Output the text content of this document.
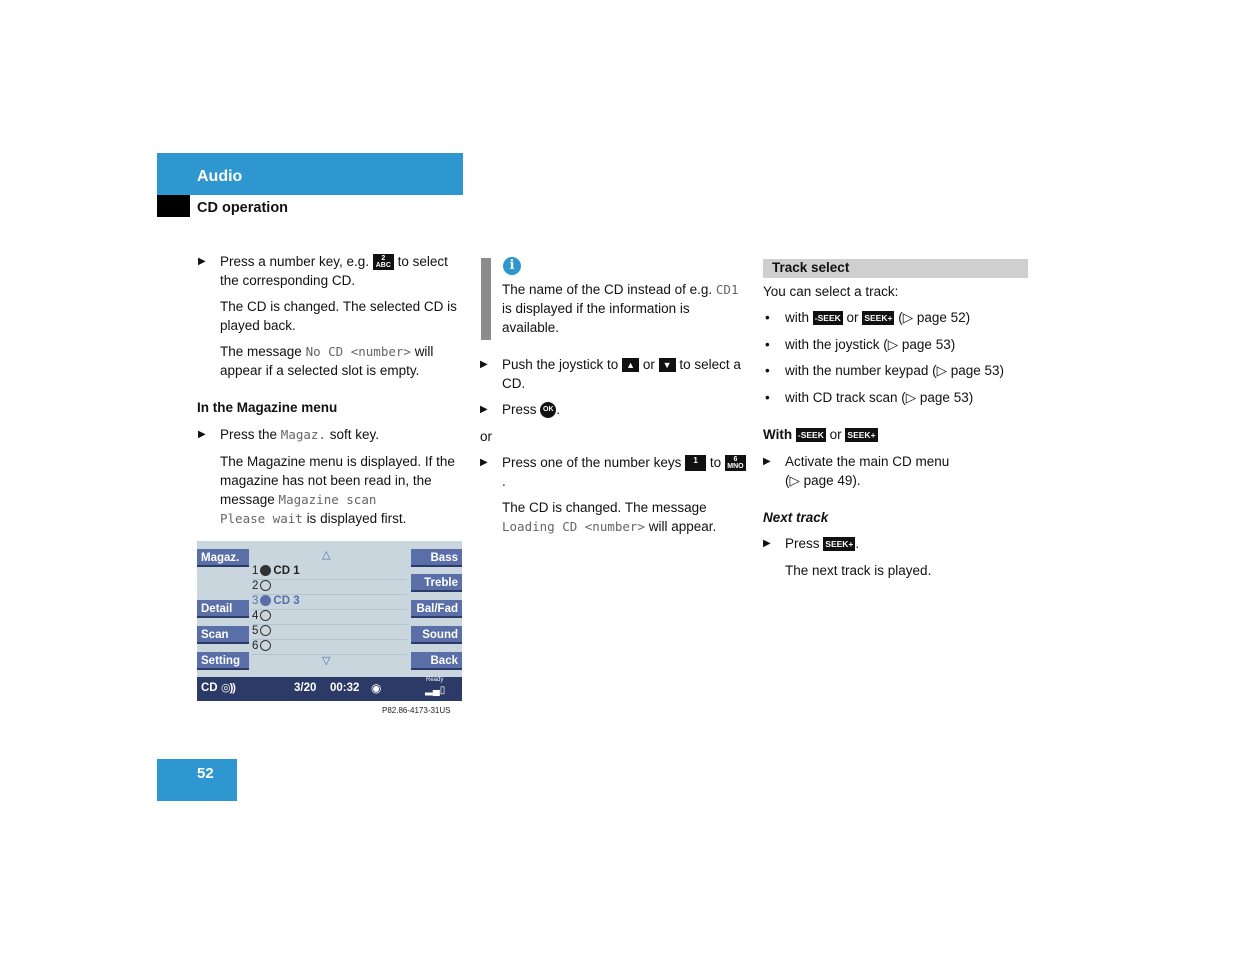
Audio
CD operation
▶ Press a number key, e.g. 2
ABC to select the corresponding CD.
The CD is changed. The selected CD is played back.
The message No CD <number> will appear if a selected slot is empty.
In the Magazine menu
▶ Press the Magaz. soft key.
The Magazine menu is displayed. If the magazine has not been read in, the message Magazine scan
Please wait is displayed first.
Magaz.
Detail
Scan
Setting
Bass
Treble
Bal/Fad
Sound
Back
△
▽
1 CD 1
2
3 CD 3
4
5
6
CD ◎))	3/20 00:32 ◉
Ready
▂▄▯
P82.86-4173-31US
i
The name of the CD instead of e.g. CD1 is displayed if the information is available.
▶ Push the joystick to ▲ or ▼ to select a CD.
▶ Press OK .
or
▶ Press one of the number keys 1 to 6
MNO.
The CD is changed. The message
Loading CD <number> will appear.
Track select
You can select a track:
• with -SEEK or SEEK+ (▷ page 52)
• with the joystick (▷ page 53)
• with the number keypad (▷ page 53)
• with CD track scan (▷ page 53)
With -SEEK or SEEK+
▶ Activate the main CD menu
(▷ page 49).
Next track
▶ Press SEEK+ .
The next track is played.
52
